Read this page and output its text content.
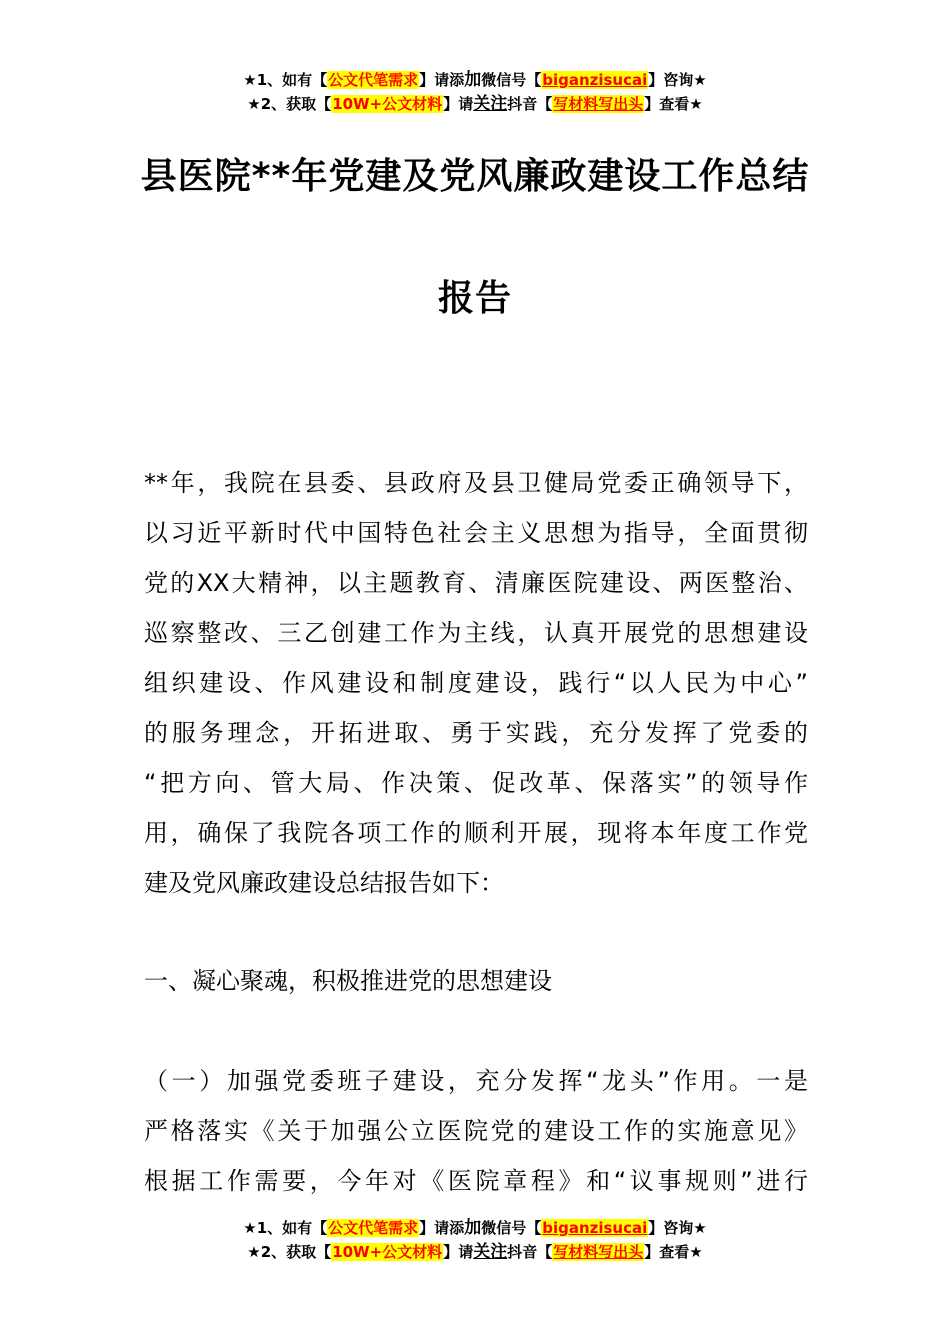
★1、如有【公文代笔需求】请添加微信号【biganzisucai】咨询★
★2、获取【10W+公文材料】请关注抖音【写材料写出头】查看★
县医院**年党建及党风廉政建设工作总结
报告
**年，我院在县委、县政府及县卫健局党委正确领导下，
以习近平新时代中国特色社会主义思想为指导，全面贯彻
党的XX大精神，以主题教育、清廉医院建设、两医整治、
巡察整改、三乙创建工作为主线，认真开展党的思想建设
组织建设、作风建设和制度建设，践行“以人民为中心”
的服务理念，开拓进取、勇于实践，充分发挥了党委的
“把方向、管大局、作决策、促改革、保落实”的领导作
用，确保了我院各项工作的顺利开展，现将本年度工作党
建及党风廉政建设总结报告如下：
一、凝心聚魂，积极推进党的思想建设
（一）加强党委班子建设，充分发挥“龙头”作用。一是
严格落实《关于加强公立医院党的建设工作的实施意见》
根据工作需要，今年对《医院章程》和“议事规则”进行
★1、如有【公文代笔需求】请添加微信号【biganzisucai】咨询★
★2、获取【10W+公文材料】请关注抖音【写材料写出头】查看★
